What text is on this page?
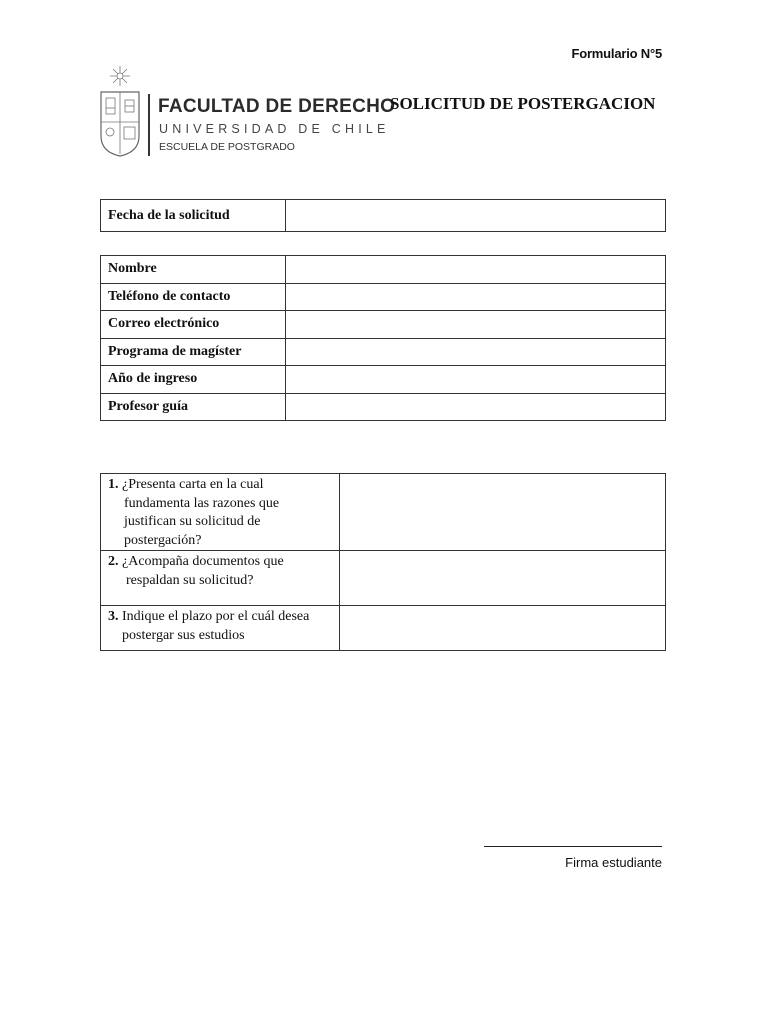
Formulario N°5
FACULTAD DE DERECHO
UNIVERSIDAD DE CHILE
ESCUELA DE POSTGRADO
SOLICITUD DE POSTERGACION
Fecha de la solicitud	
Nombre	
Teléfono de contacto	
Correo electrónico	
Programa de magíster	
Año de ingreso	
Profesor guía	
1. ¿Presenta carta en la cual
fundamenta las razones que
justifican su solicitud de
postergación?	

2. ¿Acompaña documentos que
respaldan su solicitud?	

3. Indique el plazo por el cuál desea
postergar sus estudios	

Firma estudiante
